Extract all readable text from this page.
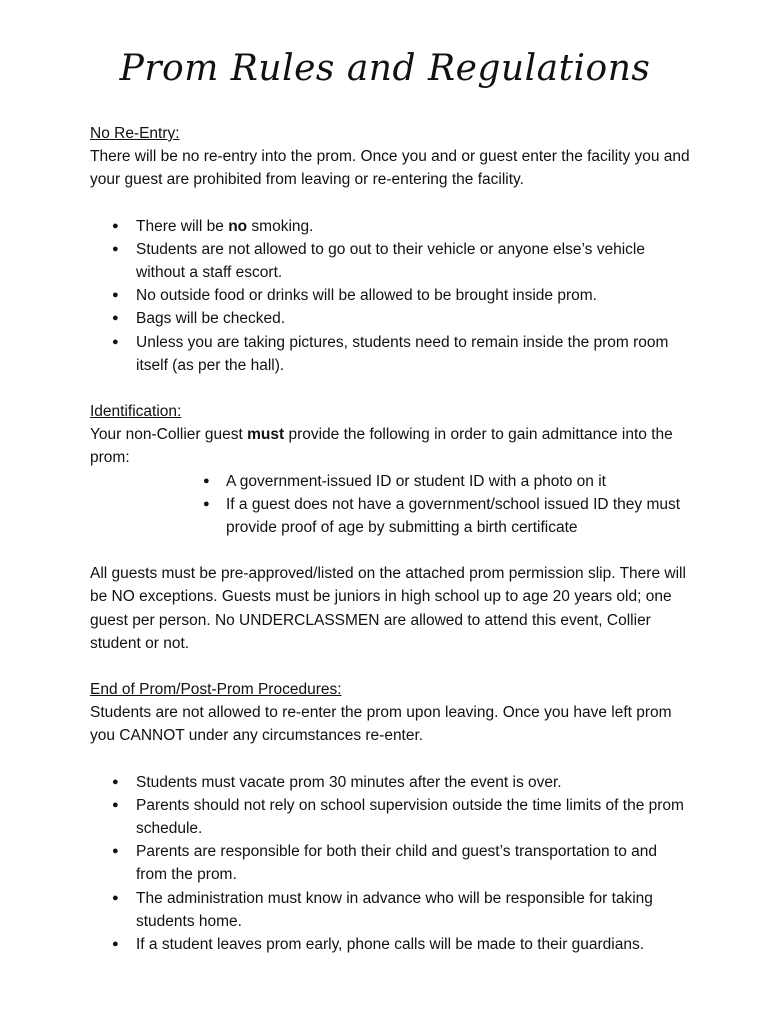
Prom Rules and Regulations

No Re-Entry:

There will be no re-entry into the prom. Once you and or guest enter the facility you and your guest are prohibited from leaving or re-entering the facility.

● There will be no smoking.
● Students are not allowed to go out to their vehicle or anyone else’s vehicle without a staff escort.
● No outside food or drinks will be allowed to be brought inside prom.
● Bags will be checked.
● Unless you are taking pictures, students need to remain inside the prom room itself (as per the hall).

Identification:

Your non-Collier guest must provide the following in order to gain admittance into the prom:

● A government-issued ID or student ID with a photo on it
● If a guest does not have a government/school issued ID they must provide proof of age by submitting a birth certificate

All guests must be pre-approved/listed on the attached prom permission slip. There will be NO exceptions. Guests must be juniors in high school up to age 20 years old; one guest per person. No UNDERCLASSMEN are allowed to attend this event, Collier student or not.

End of Prom/Post-Prom Procedures:

Students are not allowed to re-enter the prom upon leaving. Once you have left prom you CANNOT under any circumstances re-enter.

● Students must vacate prom 30 minutes after the event is over.
● Parents should not rely on school supervision outside the time limits of the prom schedule.
● Parents are responsible for both their child and guest’s transportation to and from the prom.
● The administration must know in advance who will be responsible for taking students home.
● If a student leaves prom early, phone calls will be made to their guardians.
